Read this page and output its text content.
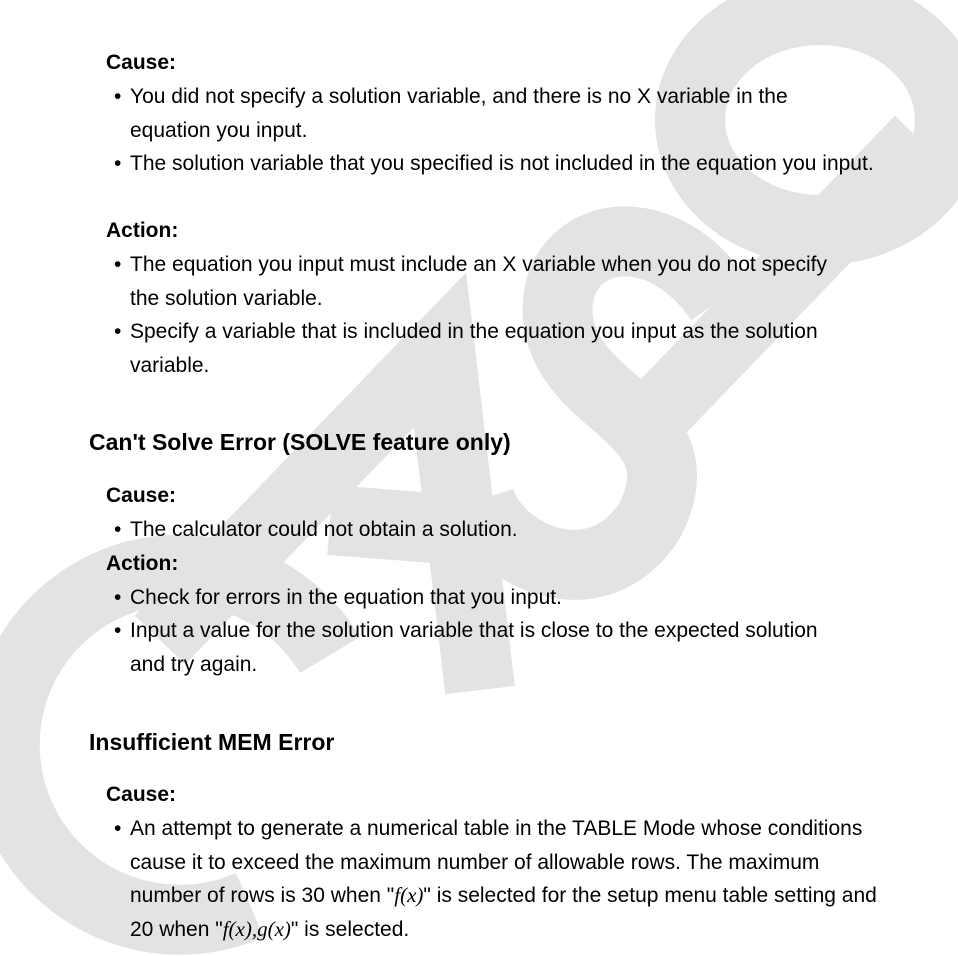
Cause:
• You did not specify a solution variable, and there is no X variable in the equation you input.
• The solution variable that you specified is not included in the equation you input.
Action:
• The equation you input must include an X variable when you do not specify the solution variable.
• Specify a variable that is included in the equation you input as the solution variable.
Can't Solve Error (SOLVE feature only)
Cause:
• The calculator could not obtain a solution.
Action:
• Check for errors in the equation that you input.
• Input a value for the solution variable that is close to the expected solution and try again.
Insufficient MEM Error
Cause:
• An attempt to generate a numerical table in the TABLE Mode whose conditions cause it to exceed the maximum number of allowable rows. The maximum number of rows is 30 when "f(x)" is selected for the setup menu table setting and 20 when "f(x),g(x)" is selected.
